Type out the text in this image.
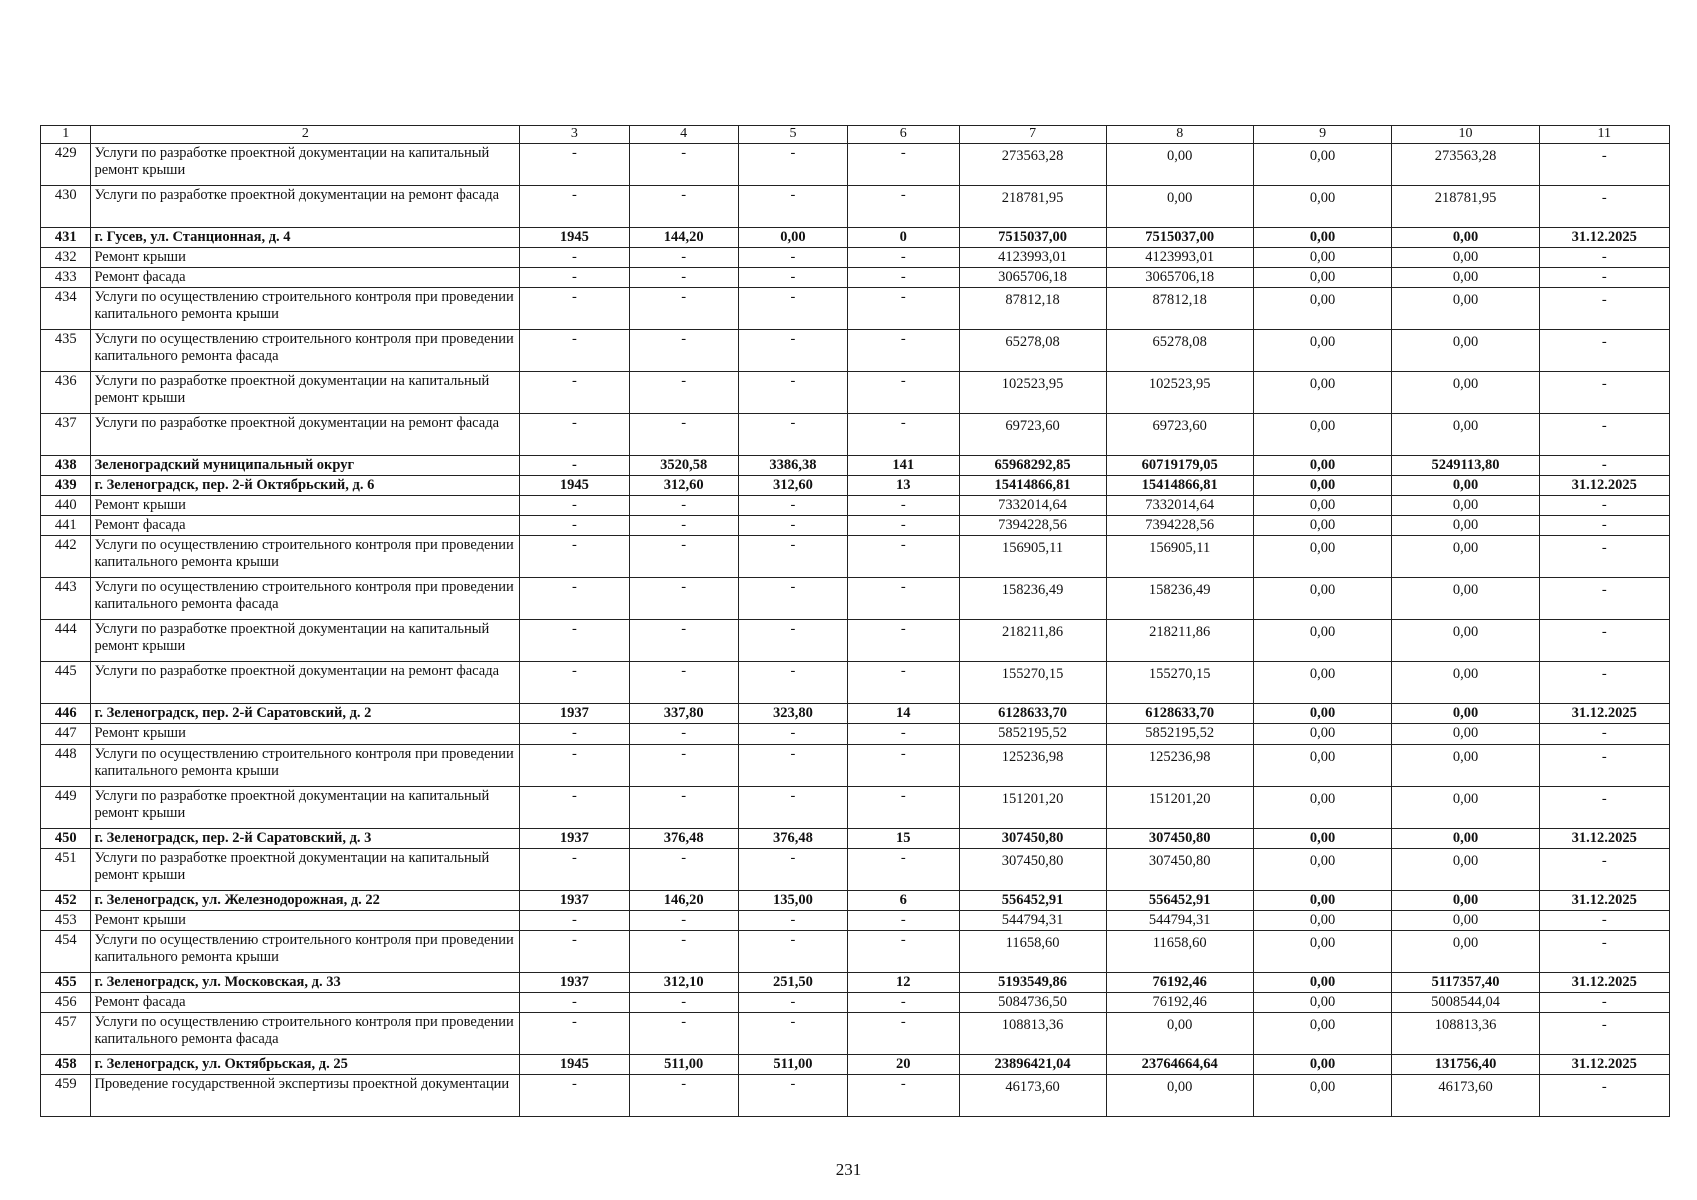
1	2	3	4	5	6	7	8	9	10	11
429	Услуги по разработке проектной документации на капитальный ремонт крыши	-	-	-	-	273563,28	0,00	0,00	273563,28	-
430	Услуги по разработке проектной документации на ремонт фасада	-	-	-	-	218781,95	0,00	0,00	218781,95	-
431	г. Гусев, ул. Станционная, д. 4	1945	144,20	0,00	0	7515037,00	7515037,00	0,00	0,00	31.12.2025
432	Ремонт крыши	-	-	-	-	4123993,01	4123993,01	0,00	0,00	-
433	Ремонт фасада	-	-	-	-	3065706,18	3065706,18	0,00	0,00	-
434	Услуги по осуществлению строительного контроля при проведении капитального ремонта крыши	-	-	-	-	87812,18	87812,18	0,00	0,00	-
435	Услуги по осуществлению строительного контроля при проведении капитального ремонта фасада	-	-	-	-	65278,08	65278,08	0,00	0,00	-
436	Услуги по разработке проектной документации на капитальный ремонт крыши	-	-	-	-	102523,95	102523,95	0,00	0,00	-
437	Услуги по разработке проектной документации на ремонт фасада	-	-	-	-	69723,60	69723,60	0,00	0,00	-
438	Зеленоградский муниципальный округ	-	3520,58	3386,38	141	65968292,85	60719179,05	0,00	5249113,80	-
439	г. Зеленоградск, пер. 2-й Октябрьский, д. 6	1945	312,60	312,60	13	15414866,81	15414866,81	0,00	0,00	31.12.2025
440	Ремонт крыши	-	-	-	-	7332014,64	7332014,64	0,00	0,00	-
441	Ремонт фасада	-	-	-	-	7394228,56	7394228,56	0,00	0,00	-
442	Услуги по осуществлению строительного контроля при проведении капитального ремонта крыши	-	-	-	-	156905,11	156905,11	0,00	0,00	-
443	Услуги по осуществлению строительного контроля при проведении капитального ремонта фасада	-	-	-	-	158236,49	158236,49	0,00	0,00	-
444	Услуги по разработке проектной документации на капитальный ремонт крыши	-	-	-	-	218211,86	218211,86	0,00	0,00	-
445	Услуги по разработке проектной документации на ремонт фасада	-	-	-	-	155270,15	155270,15	0,00	0,00	-
446	г. Зеленоградск, пер. 2-й Саратовский, д. 2	1937	337,80	323,80	14	6128633,70	6128633,70	0,00	0,00	31.12.2025
447	Ремонт крыши	-	-	-	-	5852195,52	5852195,52	0,00	0,00	-
448	Услуги по осуществлению строительного контроля при проведении капитального ремонта крыши	-	-	-	-	125236,98	125236,98	0,00	0,00	-
449	Услуги по разработке проектной документации на капитальный ремонт крыши	-	-	-	-	151201,20	151201,20	0,00	0,00	-
450	г. Зеленоградск, пер. 2-й Саратовский, д. 3	1937	376,48	376,48	15	307450,80	307450,80	0,00	0,00	31.12.2025
451	Услуги по разработке проектной документации на капитальный ремонт крыши	-	-	-	-	307450,80	307450,80	0,00	0,00	-
452	г. Зеленоградск, ул. Железнодорожная, д. 22	1937	146,20	135,00	6	556452,91	556452,91	0,00	0,00	31.12.2025
453	Ремонт крыши	-	-	-	-	544794,31	544794,31	0,00	0,00	-
454	Услуги по осуществлению строительного контроля при проведении капитального ремонта крыши	-	-	-	-	11658,60	11658,60	0,00	0,00	-
455	г. Зеленоградск, ул. Московская, д. 33	1937	312,10	251,50	12	5193549,86	76192,46	0,00	5117357,40	31.12.2025
456	Ремонт фасада	-	-	-	-	5084736,50	76192,46	0,00	5008544,04	-
457	Услуги по осуществлению строительного контроля при проведении капитального ремонта фасада	-	-	-	-	108813,36	0,00	0,00	108813,36	-
458	г. Зеленоградск, ул. Октябрьская, д. 25	1945	511,00	511,00	20	23896421,04	23764664,64	0,00	131756,40	31.12.2025
459	Проведение государственной экспертизы проектной документации	-	-	-	-	46173,60	0,00	0,00	46173,60	-
231
